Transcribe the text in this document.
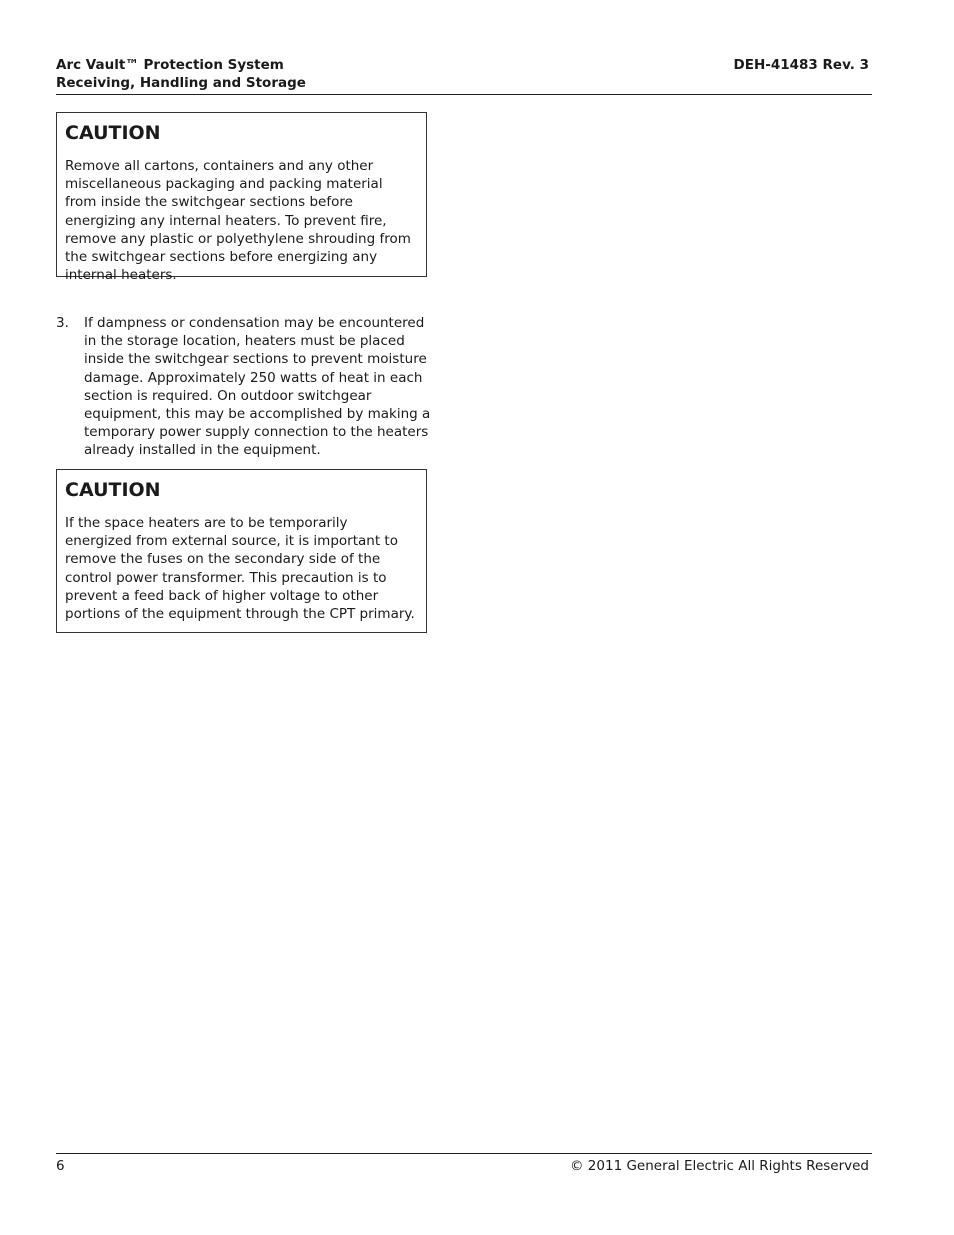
Arc Vault™ Protection System
Receiving, Handling and Storage
DEH-41483 Rev. 3
CAUTION
Remove all cartons, containers and any other miscellaneous packaging and packing material from inside the switchgear sections before energizing any internal heaters. To prevent fire, remove any plastic or polyethylene shrouding from the switchgear sections before energizing any internal heaters.
3. If dampness or condensation may be encountered in the storage location, heaters must be placed inside the switchgear sections to prevent moisture damage. Approximately 250 watts of heat in each section is required. On outdoor switchgear equipment, this may be accomplished by making a temporary power supply connection to the heaters already installed in the equipment.
CAUTION
If the space heaters are to be temporarily energized from external source, it is important to remove the fuses on the secondary side of the control power transformer. This precaution is to prevent a feed back of higher voltage to other portions of the equipment through the CPT primary.
6	© 2011 General Electric All Rights Reserved
